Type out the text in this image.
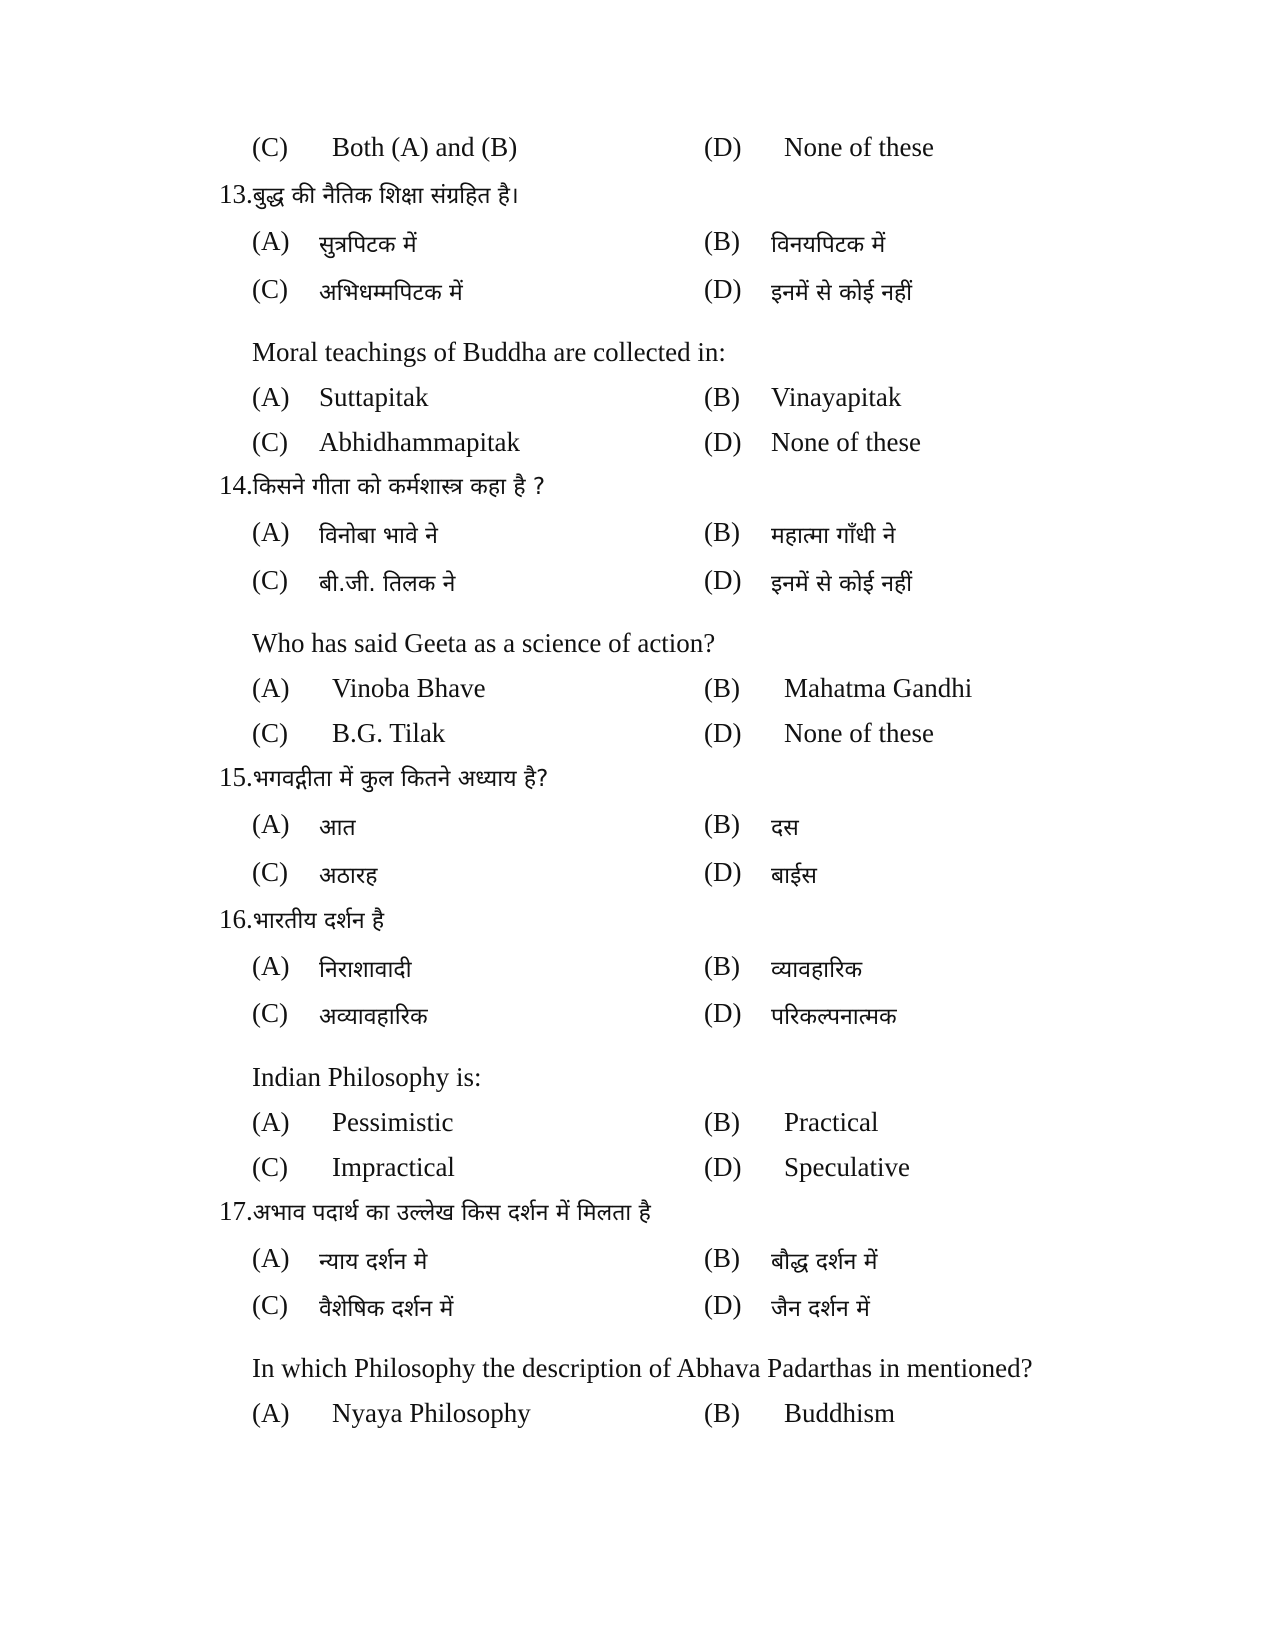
(C) Both (A) and (B)	(D) None of these
13.बुद्ध की नैतिक शिक्षा संग्रहित है।
(A) सुत्रपिटक में	(B) विनयपिटक में
(C) अभिधम्मपिटक में	(D) इनमें से कोई नहीं
Moral teachings of Buddha are collected in:
(A) Suttapitak	(B) Vinayapitak
(C) Abhidhammapitak	(D) None of these
14.किसने गीता को कर्मशास्त्र कहा है ?
(A) विनोबा भावे ने	(B) महात्मा गाँधी ने
(C) बी.जी. तिलक ने	(D) इनमें से कोई नहीं
Who has said Geeta as a science of action?
(A) Vinoba Bhave	(B) Mahatma Gandhi
(C) B.G. Tilak	(D) None of these
15.भगवद्गीता में कुल कितने अध्याय है?
(A) आत	(B) दस
(C) अठारह	(D) बाईस
16.भारतीय दर्शन है
(A) निराशावादी	(B) व्यावहारिक
(C) अव्यावहारिक	(D) परिकल्पनात्मक
Indian Philosophy is:
(A) Pessimistic	(B) Practical
(C) Impractical	(D) Speculative
17.अभाव पदार्थ का उल्लेख किस दर्शन में मिलता है
(A) न्याय दर्शन मे	(B) बौद्ध दर्शन में
(C) वैशेषिक दर्शन में	(D) जैन दर्शन में
In which Philosophy the description of Abhava Padarthas in mentioned?
(A) Nyaya Philosophy	(B) Buddhism
